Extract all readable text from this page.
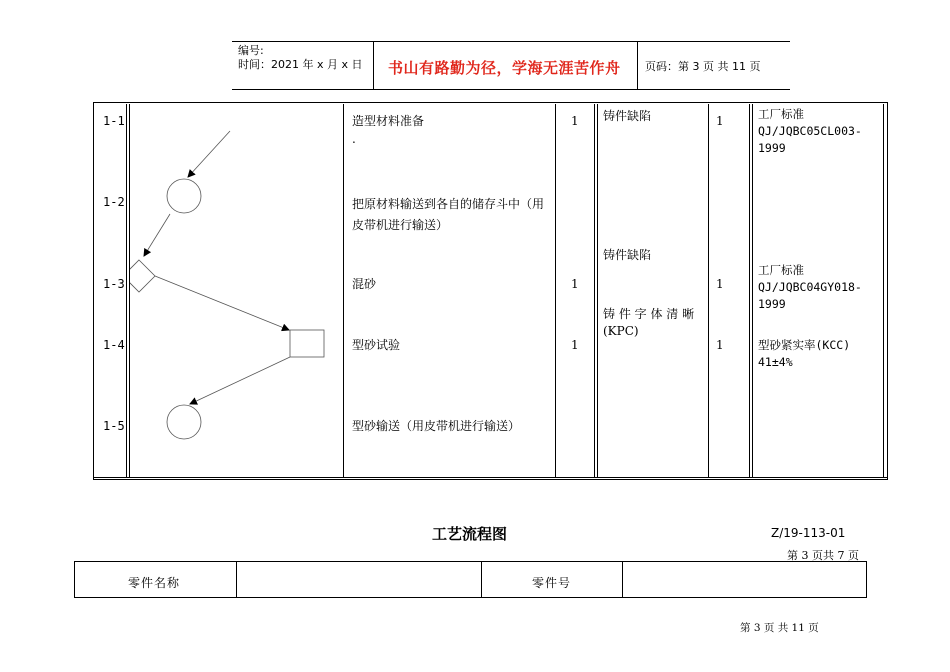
编号:
时间：2021 年 x 月 x 日 书山有路勤为径，学海无涯苦作舟 页码：第 3 页 共 11 页
1-1
1-2
1-3
1-4
1-5
造型材料准备
.
把原材料输送到各自的储存斗中（用皮带机进行输送）
混砂
型砂试验
型砂输送（用皮带机进行输送）
1
1
1
铸件缺陷
铸件缺陷
铸 件 字 体 清 晰
(KPC)
1
1
1
工厂标准
QJ/JQBC05CL003-
1999
工厂标准
QJ/JQBC04GY018-
1999
型砂紧实率(KCC)
41±4%
工艺流程图	Z/19-113-01
第 3 页共 7 页
零件名称	零件号
第 3 页 共 11 页
